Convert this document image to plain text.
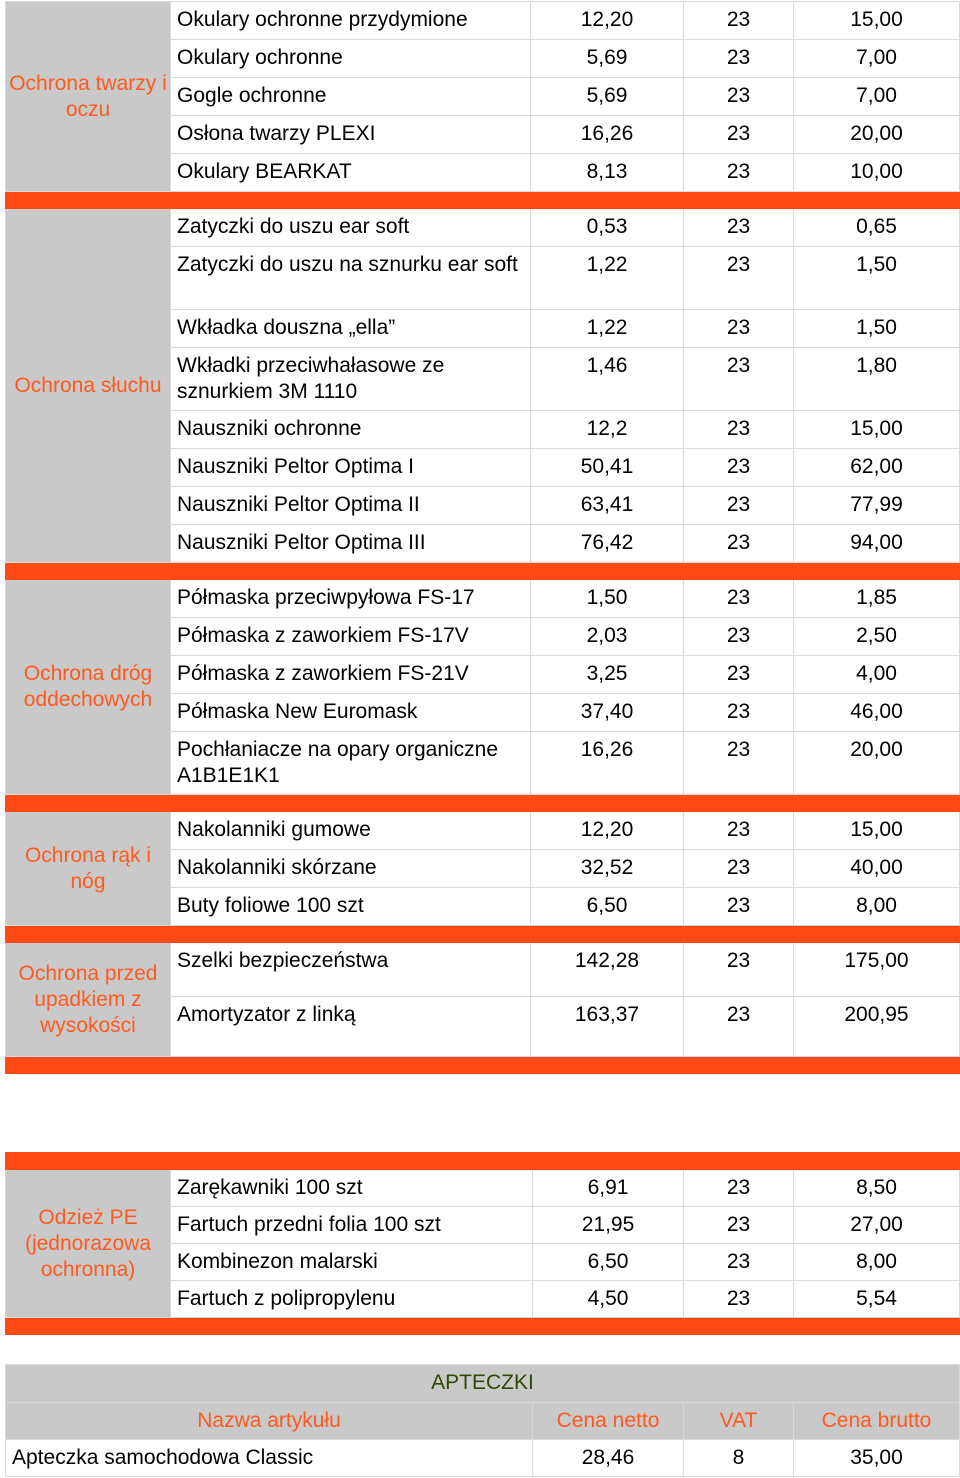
Ochrona twarzy i oczu	Okulary ochronne przydymione	12,20	23	15,00
	Okulary ochronne	5,69	23	7,00
	Gogle ochronne	5,69	23	7,00
	Osłona twarzy PLEXI	16,26	23	20,00
	Okulary BEARKAT	8,13	23	10,00

Ochrona słuchu	Zatyczki do uszu ear soft	0,53	23	0,65
	Zatyczki do uszu na sznurku ear soft	1,22	23	1,50
	Wkładka douszna „ella”	1,22	23	1,50
	Wkładki przeciwhałasowe ze sznurkiem 3M 1110	1,46	23	1,80
	Nauszniki ochronne	12,2	23	15,00
	Nauszniki Peltor Optima I	50,41	23	62,00
	Nauszniki Peltor Optima II	63,41	23	77,99
	Nauszniki Peltor Optima III	76,42	23	94,00

Ochrona dróg oddechowych	Półmaska przeciwpyłowa FS-17	1,50	23	1,85
	Półmaska z zaworkiem FS-17V	2,03	23	2,50
	Półmaska z zaworkiem FS-21V	3,25	23	4,00
	Półmaska New Euromask	37,40	23	46,00
	Pochłaniacze na opary organiczne A1B1E1K1	16,26	23	20,00

Ochrona rąk i nóg	Nakolanniki gumowe	12,20	23	15,00
	Nakolanniki skórzane	32,52	23	40,00
	Buty foliowe 100 szt	6,50	23	8,00

Ochrona przed upadkiem z wysokości	Szelki bezpieczeństwa	142,28	23	175,00
	Amortyzator z linką	163,37	23	200,95

Odzież PE (jednorazowa ochronna)	Zarękawniki 100 szt	6,91	23	8,50
	Fartuch przedni folia 100 szt	21,95	23	27,00
	Kombinezon malarski	6,50	23	8,00
	Fartuch z polipropylenu	4,50	23	5,54

APTECZKI			
Nazwa artykułu	Cena netto	VAT	Cena brutto
Apteczka samochodowa Classic	28,46	8	35,00
